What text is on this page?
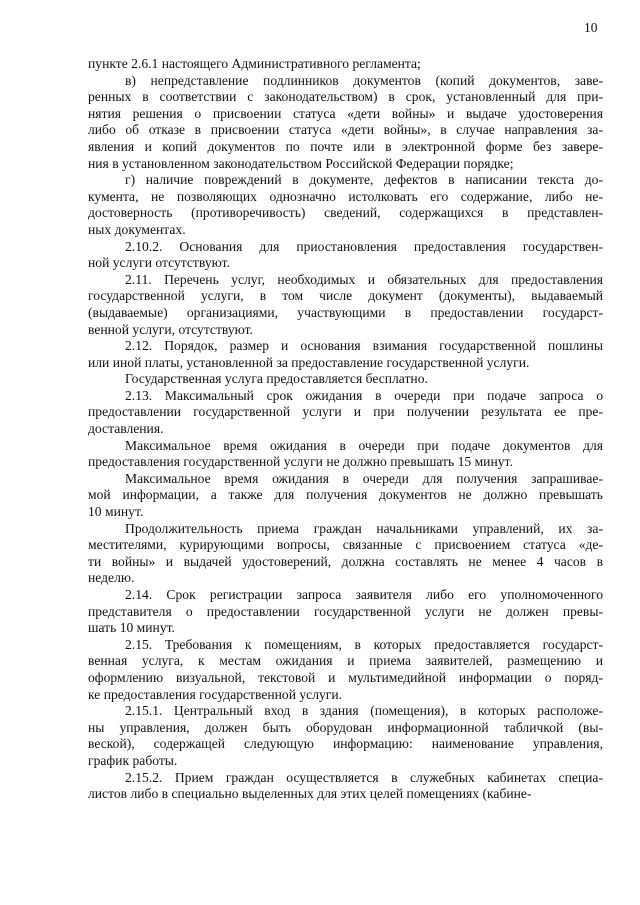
10
пункте 2.6.1 настоящего Административного регламента;
в) непредставление подлинников документов (копий документов, заве-
ренных в соответствии с законодательством) в срок, установленный для при-
нятия решения о присвоении статуса «дети войны» и выдаче удостоверения
либо об отказе в присвоении статуса «дети войны», в случае направления за-
явления и копий документов по почте или в электронной форме без завере-
ния в установленном законодательством Российской Федерации порядке;
г) наличие повреждений в документе, дефектов в написании текста до-
кумента, не позволяющих однозначно истолковать его содержание, либо не-
достоверность (противоречивость) сведений, содержащихся в представлен-
ных документах.
2.10.2. Основания для приостановления предоставления государствен-
ной услуги отсутствуют.
2.11. Перечень услуг, необходимых и обязательных для предоставления
государственной услуги, в том числе документ (документы), выдаваемый
(выдаваемые) организациями, участвующими в предоставлении государст-
венной услуги, отсутствуют.
2.12. Порядок, размер и основания взимания государственной пошлины
или иной платы, установленной за предоставление государственной услуги.
Государственная услуга предоставляется бесплатно.
2.13. Максимальный срок ожидания в очереди при подаче запроса о
предоставлении государственной услуги и при получении результата ее пре-
доставления.
Максимальное время ожидания в очереди при подаче документов для
предоставления государственной услуги не должно превышать 15 минут.
Максимальное время ожидания в очереди для получения запрашивае-
мой информации, а также для получения документов не должно превышать
10 минут.
Продолжительность приема граждан начальниками управлений, их за-
местителями, курирующими вопросы, связанные с присвоением статуса «де-
ти войны» и выдачей удостоверений, должна составлять не менее 4 часов в
неделю.
2.14. Срок регистрации запроса заявителя либо его уполномоченного
представителя о предоставлении государственной услуги не должен превы-
шать 10 минут.
2.15. Требования к помещениям, в которых предоставляется государст-
венная услуга, к местам ожидания и приема заявителей, размещению и
оформлению визуальной, текстовой и мультимедийной информации о поряд-
ке предоставления государственной услуги.
2.15.1. Центральный вход в здания (помещения), в которых расположе-
ны управления, должен быть оборудован информационной табличкой (вы-
веской), содержащей следующую информацию: наименование управления,
график работы.
2.15.2. Прием граждан осуществляется в служебных кабинетах специа-
листов либо в специально выделенных для этих целей помещениях (кабине-
